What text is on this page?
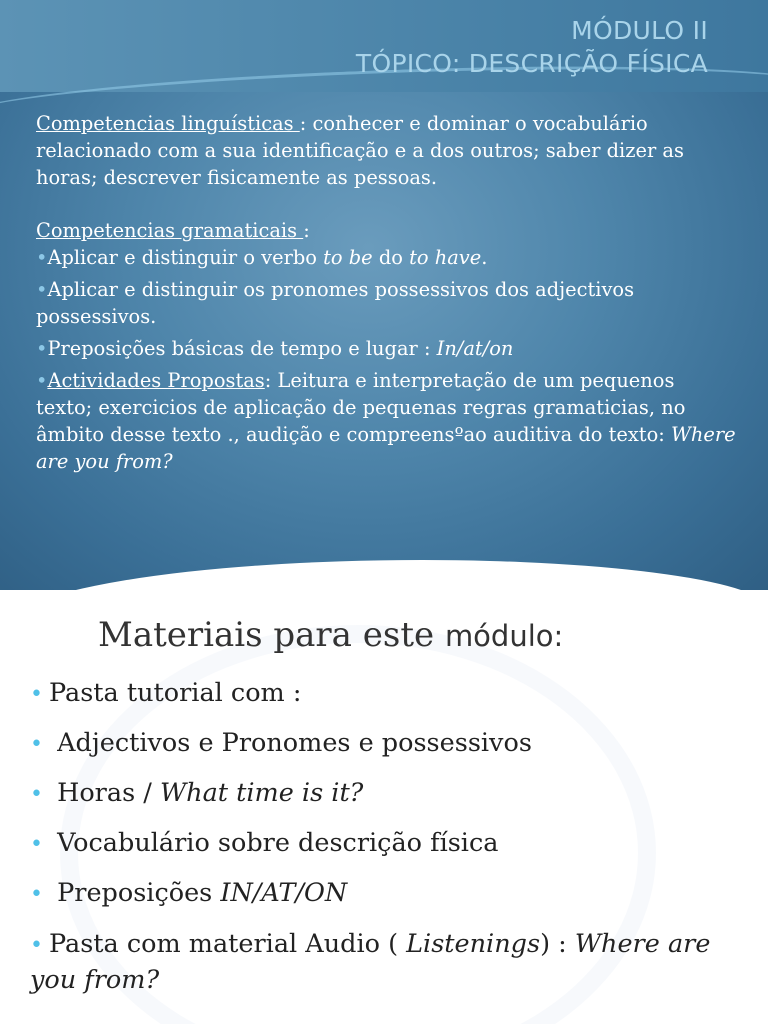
MÓDULO II
TÓPICO: DESCRIÇÃO FÍSICA

Competencias linguísticas : conhecer e dominar o vocabulário relacionado com a sua identificação e a dos outros; saber dizer as horas; descrever fisicamente as pessoas.

Competencias gramaticais :

•Aplicar e distinguir o verbo to be do to have.

•Aplicar e distinguir os pronomes possessivos dos adjectivos possessivos.

•Preposições básicas de tempo e lugar : In/at/on

•Actividades Propostas: Leitura e interpretação de um pequenos texto; exercicios de aplicação de pequenas regras gramaticias, no âmbito desse texto ., audição e compreensºao auditiva do texto: Where are you from?

Materiais para este módulo:
• Pasta tutorial com :
• Adjectivos e Pronomes e possessivos
• Horas / What time is it?
• Vocabulário sobre descrição física
• Preposições IN/AT/ON
• Pasta com material Audio ( Listenings) : Where are you from?
